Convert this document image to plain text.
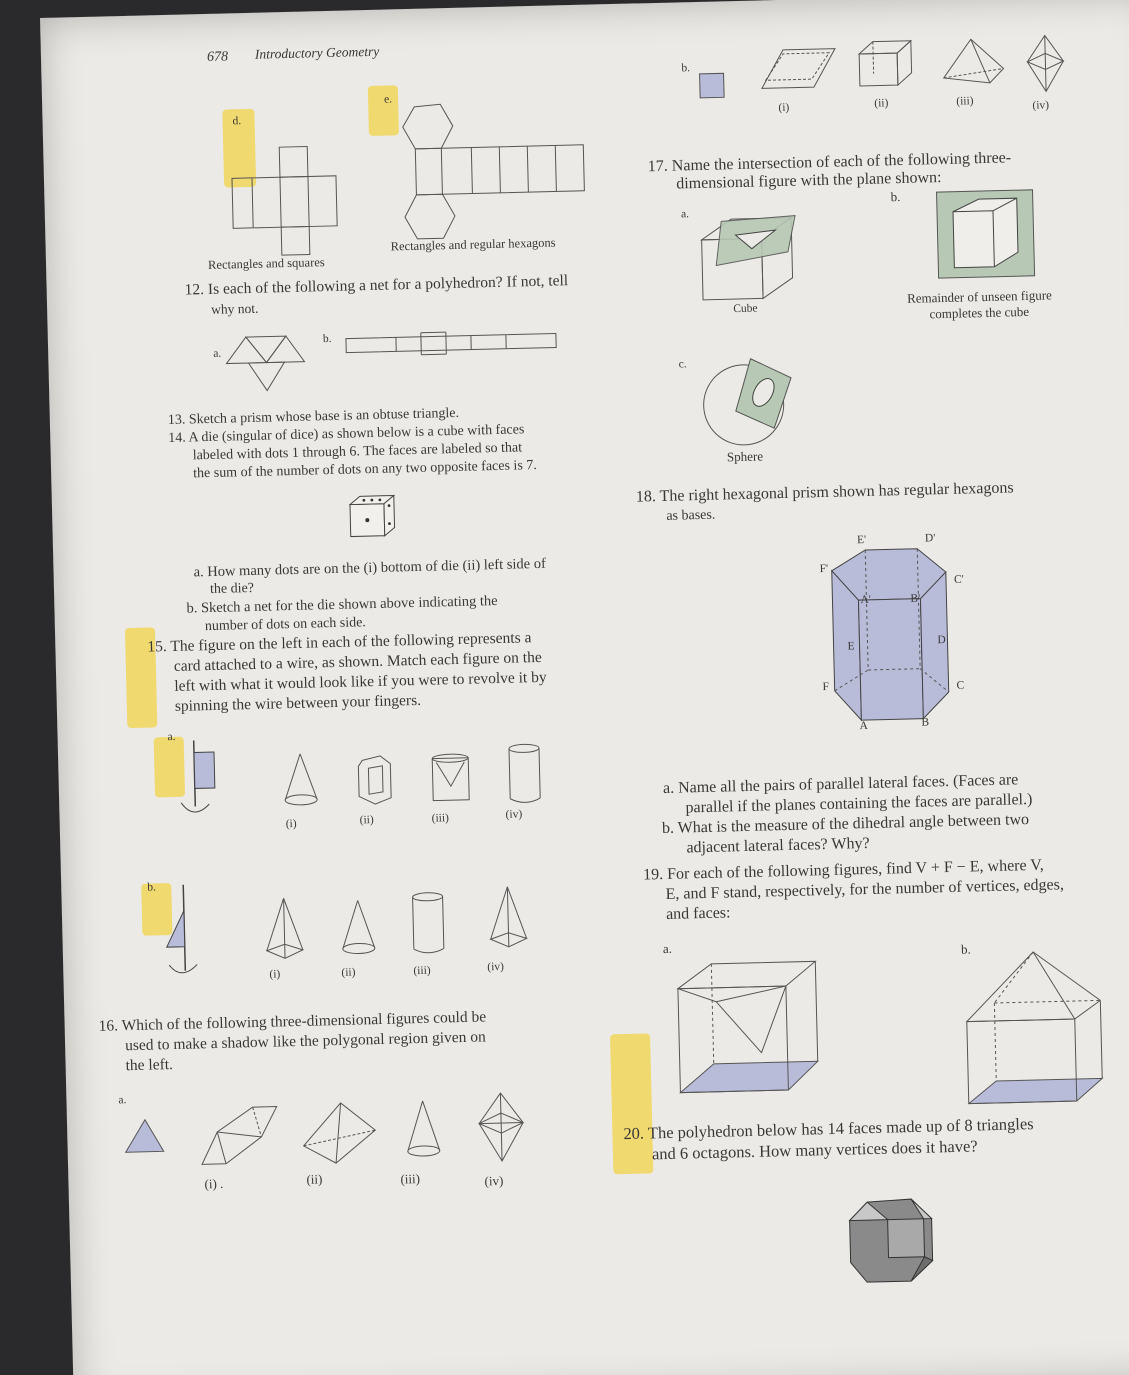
678 Introductory Geometry
d.
e.
Rectangles and squares
Rectangles and regular hexagons
12. Is each of the following a net for a polyhedron? If not, tell
why not.
a.
b.
13. Sketch a prism whose base is an obtuse triangle.
14. A die (singular of dice) as shown below is a cube with faces
labeled with dots 1 through 6. The faces are labeled so that
the sum of the number of dots on any two opposite faces is 7.
a. How many dots are on the (i) bottom of die (ii) left side of
the die?
b. Sketch a net for the die shown above indicating the
number of dots on each side.
15. The figure on the left in each of the following represents a
card attached to a wire, as shown. Match each figure on the
left with what it would look like if you were to revolve it by
spinning the wire between your fingers.
a.
(i)	(ii)	(iii)	(iv)
b.
(i)	(ii)	(iii)	(iv)
16. Which of the following three-dimensional figures could be
used to make a shadow like the polygonal region given on
the left.
a.
(i) .	(ii)	(iii)	(iv)
b.
(i)	(ii)	(iii)	(iv)
17. Name the intersection of each of the following three-
dimensional figure with the plane shown:
a.
b.
Cube
Remainder of unseen figure
completes the cube
c.
Sphere
18. The right hexagonal prism shown has regular hexagons
as bases.
E'	D'
F'
C'
A'	B'
E
D
F	C
A	B
a. Name all the pairs of parallel lateral faces. (Faces are
parallel if the planes containing the faces are parallel.)
b. What is the measure of the dihedral angle between two
adjacent lateral faces? Why?
19. For each of the following figures, find V + F − E, where V,
E, and F stand, respectively, for the number of vertices, edges,
and faces:
a.	b.
20. The polyhedron below has 14 faces made up of 8 triangles
and 6 octagons. How many vertices does it have?
